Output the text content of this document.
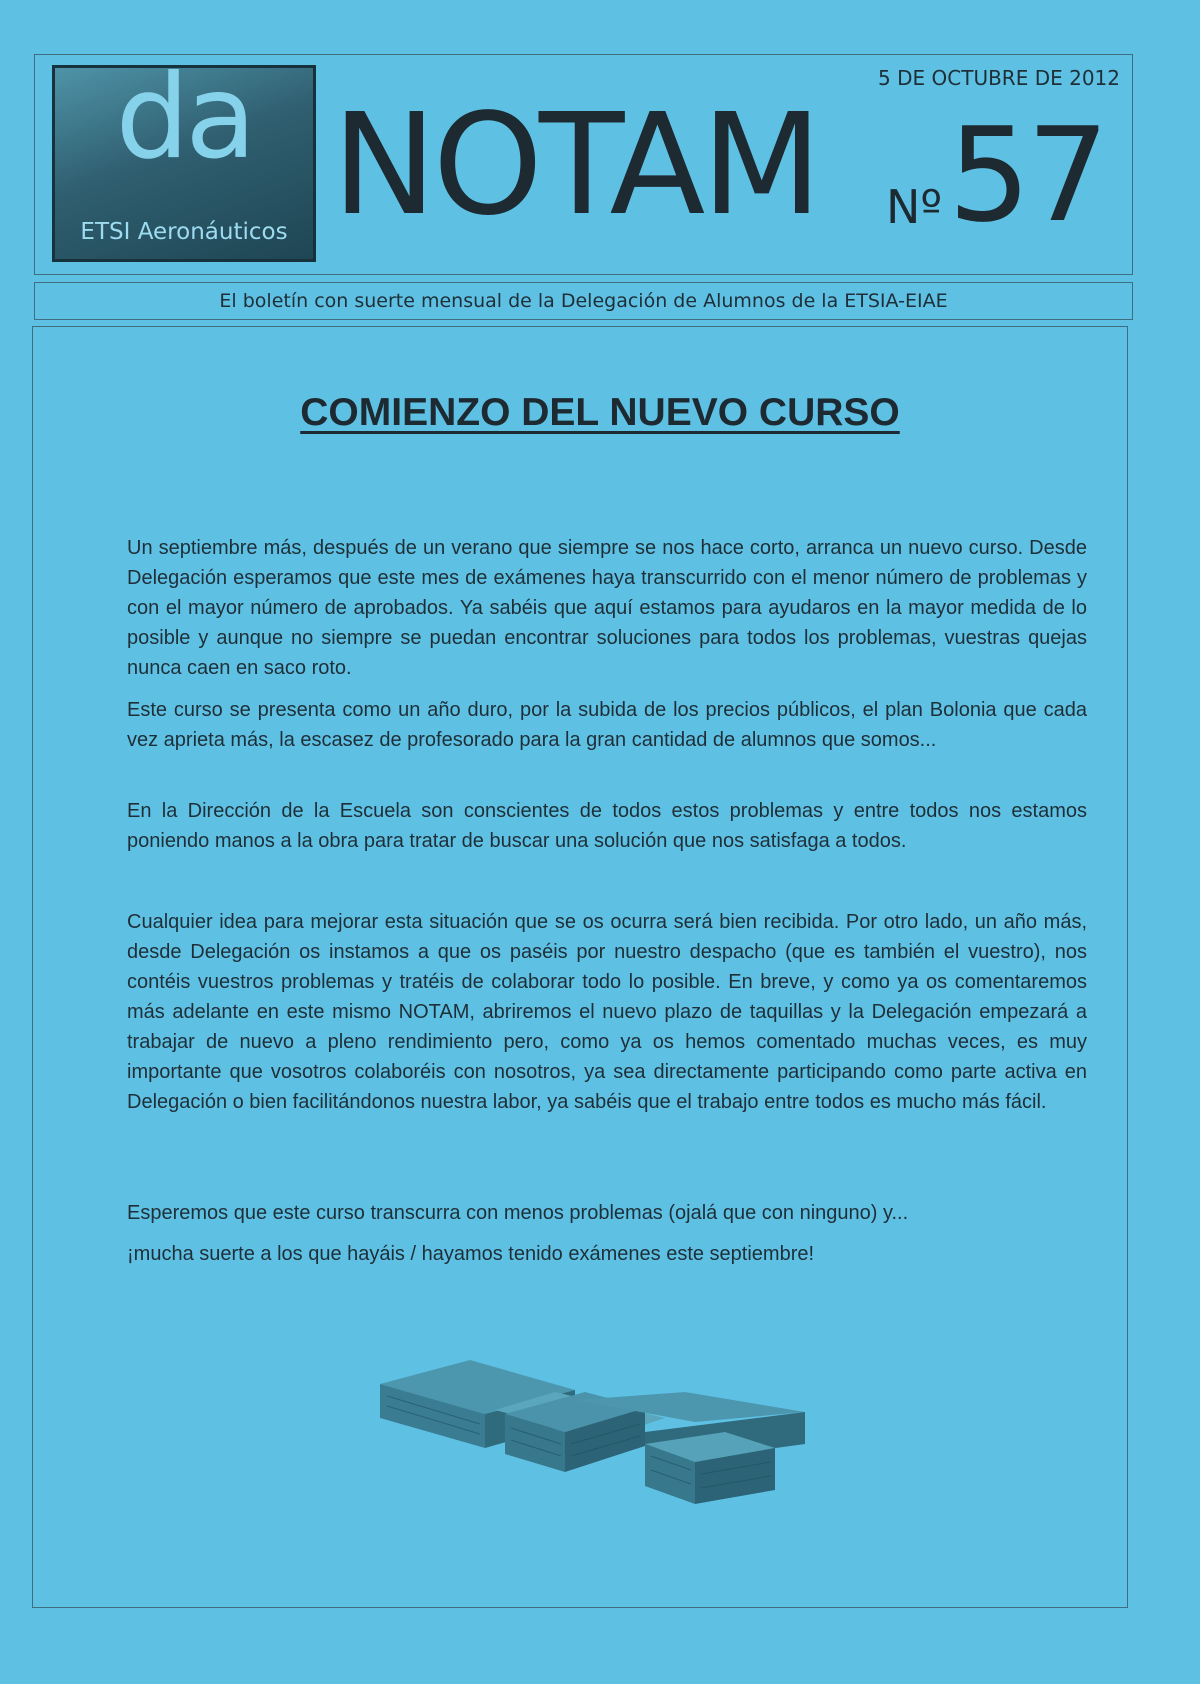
da
ETSI Aeronáuticos
5 DE OCTUBRE DE 2012
NOTAM Nº 57
El boletín con suerte mensual de la Delegación de Alumnos de la ETSIA-EIAE
COMIENZO DEL NUEVO CURSO
Un septiembre más, después de un verano que siempre se nos hace corto, arranca un nuevo curso. Desde Delegación esperamos que este mes de exámenes haya transcurrido con el menor número de problemas y con el mayor número de aprobados. Ya sabéis que aquí estamos para ayudaros en la mayor medida de lo posible y aunque no siempre se puedan encontrar soluciones para todos los problemas, vuestras quejas nunca caen en saco roto.
Este curso se presenta como un año duro, por la subida de los precios públicos, el plan Bolonia que cada vez aprieta más, la escasez de profesorado para la gran cantidad de alumnos que somos...
En la Dirección de la Escuela son conscientes de todos estos problemas y entre todos nos estamos poniendo manos a la obra para tratar de buscar una solución que nos satisfaga a todos.
Cualquier idea para mejorar esta situación que se os ocurra será bien recibida. Por otro lado, un año más, desde Delegación os instamos a que os paséis por nuestro despacho (que es también el vuestro), nos contéis vuestros problemas y tratéis de colaborar todo lo posible. En breve, y como ya os comentaremos más adelante en este mismo NOTAM, abriremos el nuevo plazo de taquillas y la Delegación empezará a trabajar de nuevo a pleno rendimiento pero, como ya os hemos comentado muchas veces, es muy importante que vosotros colaboréis con nosotros, ya sea directamente participando como parte activa en Delegación o bien facilitándonos nuestra labor, ya sabéis que el trabajo entre todos es mucho más fácil.
Esperemos que este curso transcurra con menos problemas (ojalá que con ninguno) y...
¡mucha suerte a los que hayáis / hayamos tenido exámenes este septiembre!
